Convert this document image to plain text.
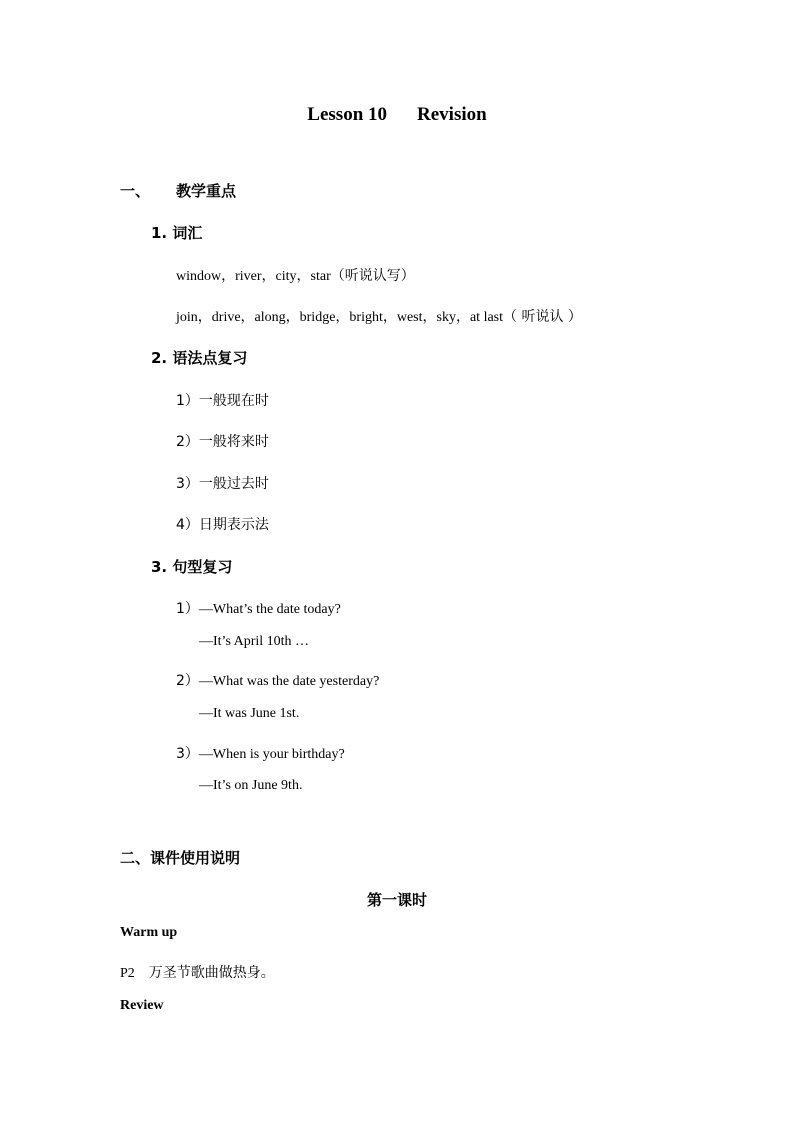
Lesson 10 Revision
一、 教学重点
1. 词汇
window，river，city，star（听说认写）
join，drive，along，bridge，bright，west，sky，at last（ 听说认 ）
2. 语法点复习
1）一般现在时
2）一般将来时
3）一般过去时
4）日期表示法
3. 句型复习
1）—What’s the date today?
—It’s April 10th …
2）—What was the date yesterday?
—It was June 1st.
3）—When is your birthday?
—It’s on June 9th.
二、课件使用说明
第一课时
Warm up
P2 万圣节歌曲做热身。
Review
